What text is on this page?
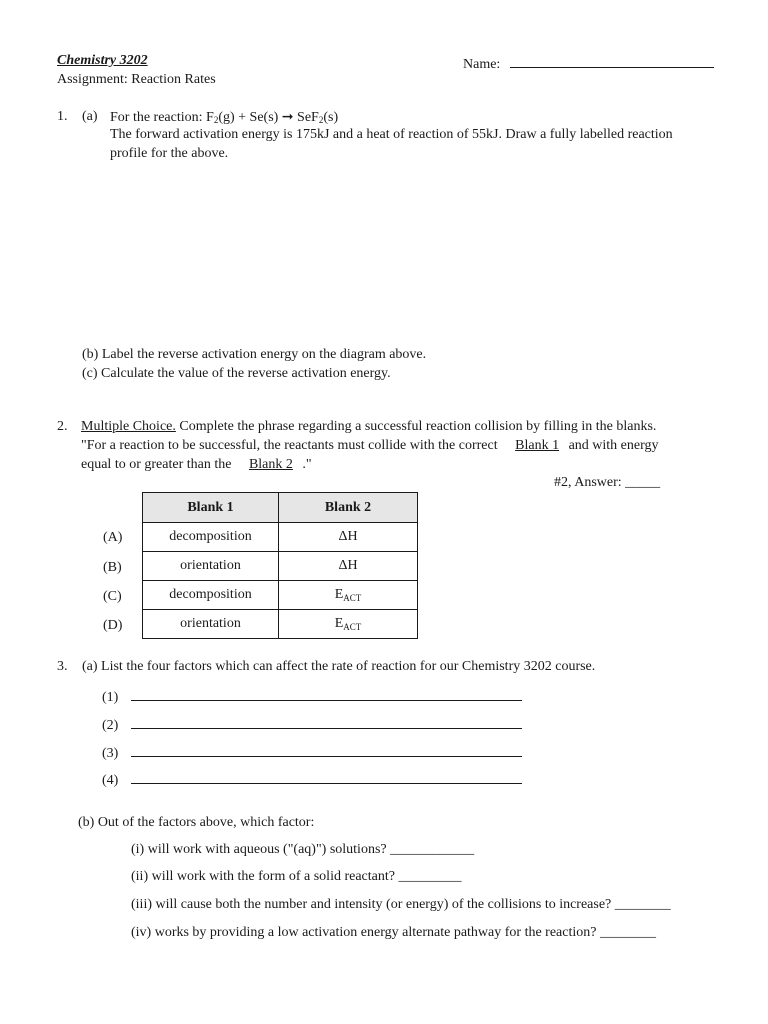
Chemistry 3202
Assignment: Reaction Rates
Name:
1. (a) For the reaction: $F_2(g) + Se(s)$ ➞ SeF$_2$(s)
The forward activation energy is 175kJ and a heat of reaction of 55kJ. Draw a fully labelled reaction
profile for the above.
(b) Label the reverse activation energy on the diagram above.
(c) Calculate the value of the reverse activation energy.
2. Multiple Choice. Complete the phrase regarding a successful reaction collision by filling in the blanks.
"For a reaction to be successful, the reactants must collide with the correct Blank 1 and with energy
equal to or greater than the Blank 2 ."
#2, Answer: _____
Blank 1	Blank 2
decomposition	ΔH
orientation	ΔH
decomposition	$E_{ACT}$
orientation	$E_{ACT}$
(A)
(B)
(C)
(D)
3. (a) List the four factors which can affect the rate of reaction for our Chemistry 3202 course.
(1)
(2)
(3)
(4)
(b) Out of the factors above, which factor:
(i) will work with aqueous ("(aq)") solutions? ____________
(ii) will work with the form of a solid reactant? _________
(iii) will cause both the number and intensity (or energy) of the collisions to increase? ________
(iv) works by providing a low activation energy alternate pathway for the reaction? ________
